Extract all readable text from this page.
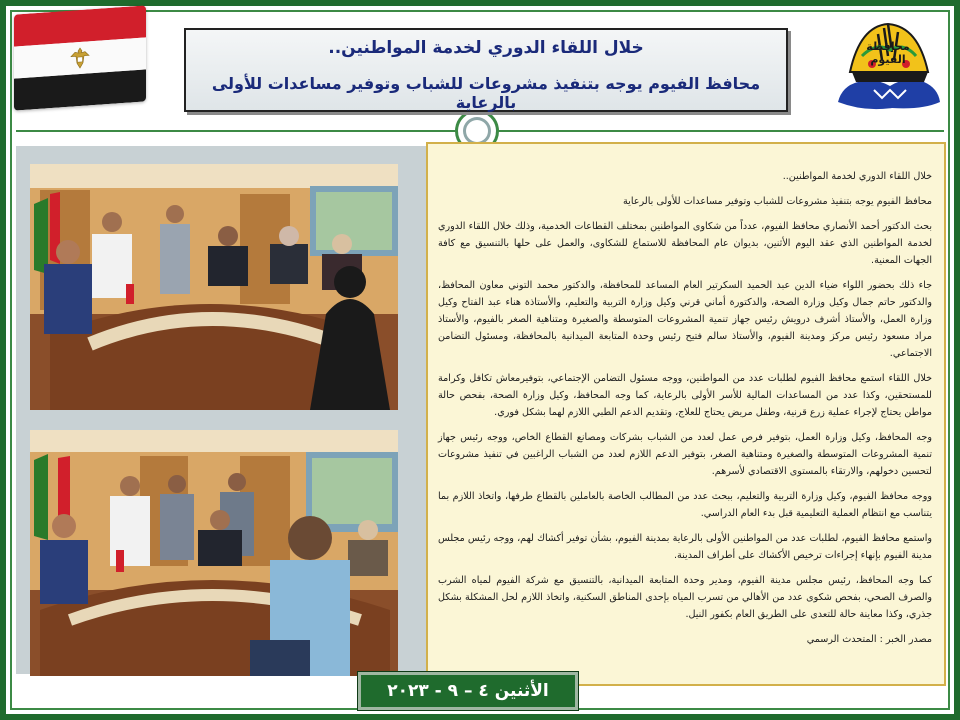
خلال اللقاء الدوري لخدمة المواطنين..
محافظ الفيوم يوجه بتنفيذ مشروعات للشباب وتوفير مساعدات للأولى بالرعاية
محافظة الفيوم

خلال اللقاء الدوري لخدمة المواطنين..

محافظ الفيوم يوجه بتنفيذ مشروعات للشباب وتوفير مساعدات للأولى بالرعاية

بحث الدكتور أحمد الأنصاري محافظ الفيوم، عدداً من شكاوى المواطنين بمختلف القطاعات الخدمية، وذلك خلال اللقاء الدوري لخدمة المواطنين الذي عقد اليوم الأثنين، بديوان عام المحافظة للاستماع للشكاوى، والعمل على حلها بالتنسيق مع كافة الجهات المعنية.

جاء ذلك بحضور اللواء ضياء الدين عبد الحميد السكرتير العام المساعد للمحافظة، والدكتور محمد التوني معاون المحافظ، والدكتور حاتم جمال وكيل وزارة الصحة، والدكتورة أماني قرني وكيل وزارة التربية والتعليم، والأستاذة هناء عبد الفتاح وكيل وزارة العمل، والأستاذ أشرف درويش رئيس جهاز تنمية المشروعات المتوسطة والصغيرة ومتناهية الصغر بالفيوم، والأستاذ مراد مسعود رئيس مركز ومدينة الفيوم، والأستاذ سالم فتيح رئيس وحدة المتابعة الميدانية بالمحافظة، ومسئول التضامن الاجتماعي.

خلال اللقاء استمع محافظ الفيوم لطلبات عدد من المواطنين، ووجه مسئول التضامن الإجتماعي، بتوفيرمعاش تكافل وكرامة للمستحقين، وكذا عدد من المساعدات المالية للأسر الأولى بالرعاية، كما وجه المحافظ، وكيل وزارة الصحة، بفحص حالة مواطن يحتاج لإجراء عملية زرع قرنية، وطفل مريض يحتاج للعلاج، وتقديم الدعم الطبي اللازم لهما بشكل فوري.

وجه المحافظ، وكيل وزارة العمل، بتوفير فرص عمل لعدد من الشباب بشركات ومصانع القطاع الخاص، ووجه رئيس جهاز تنمية المشروعات المتوسطة والصغيرة ومتناهية الصغر، بتوفير الدعم اللازم لعدد من الشباب الراغبين في تنفيذ مشروعات لتحسين دخولهم، والارتقاء بالمستوى الاقتصادي لأسرهم.

ووجه محافظ الفيوم، وكيل وزارة التربية والتعليم، ببحث عدد من المطالب الخاصة بالعاملين بالقطاع طرفها، واتخاذ اللازم بما يتناسب مع انتظام العملية التعليمية قبل بدء العام الدراسي.

واستمع محافظ الفيوم، لطلبات عدد من المواطنين الأولى بالرعاية بمدينة الفيوم، بشأن توفير أكشاك لهم، ووجه رئيس مجلس مدينة الفيوم بإنهاء إجراءات ترخيص الأكشاك على أطراف المدينة.

كما وجه المحافظ، رئيس مجلس مدينة الفيوم، ومدير وحدة المتابعة الميدانية، بالتنسيق مع شركة الفيوم لمياه الشرب والصرف الصحي، بفحص شكوى عدد من الأهالي من تسرب المياه بإحدى المناطق السكنية، واتخاذ اللازم لحل المشكلة بشكل جذري، وكذا معاينة حالة للتعدى على الطريق العام بكفور النيل.

مصدر الخبر : المتحدث الرسمي

الأثنين ٤ – ٩ - ٢٠٢٣
